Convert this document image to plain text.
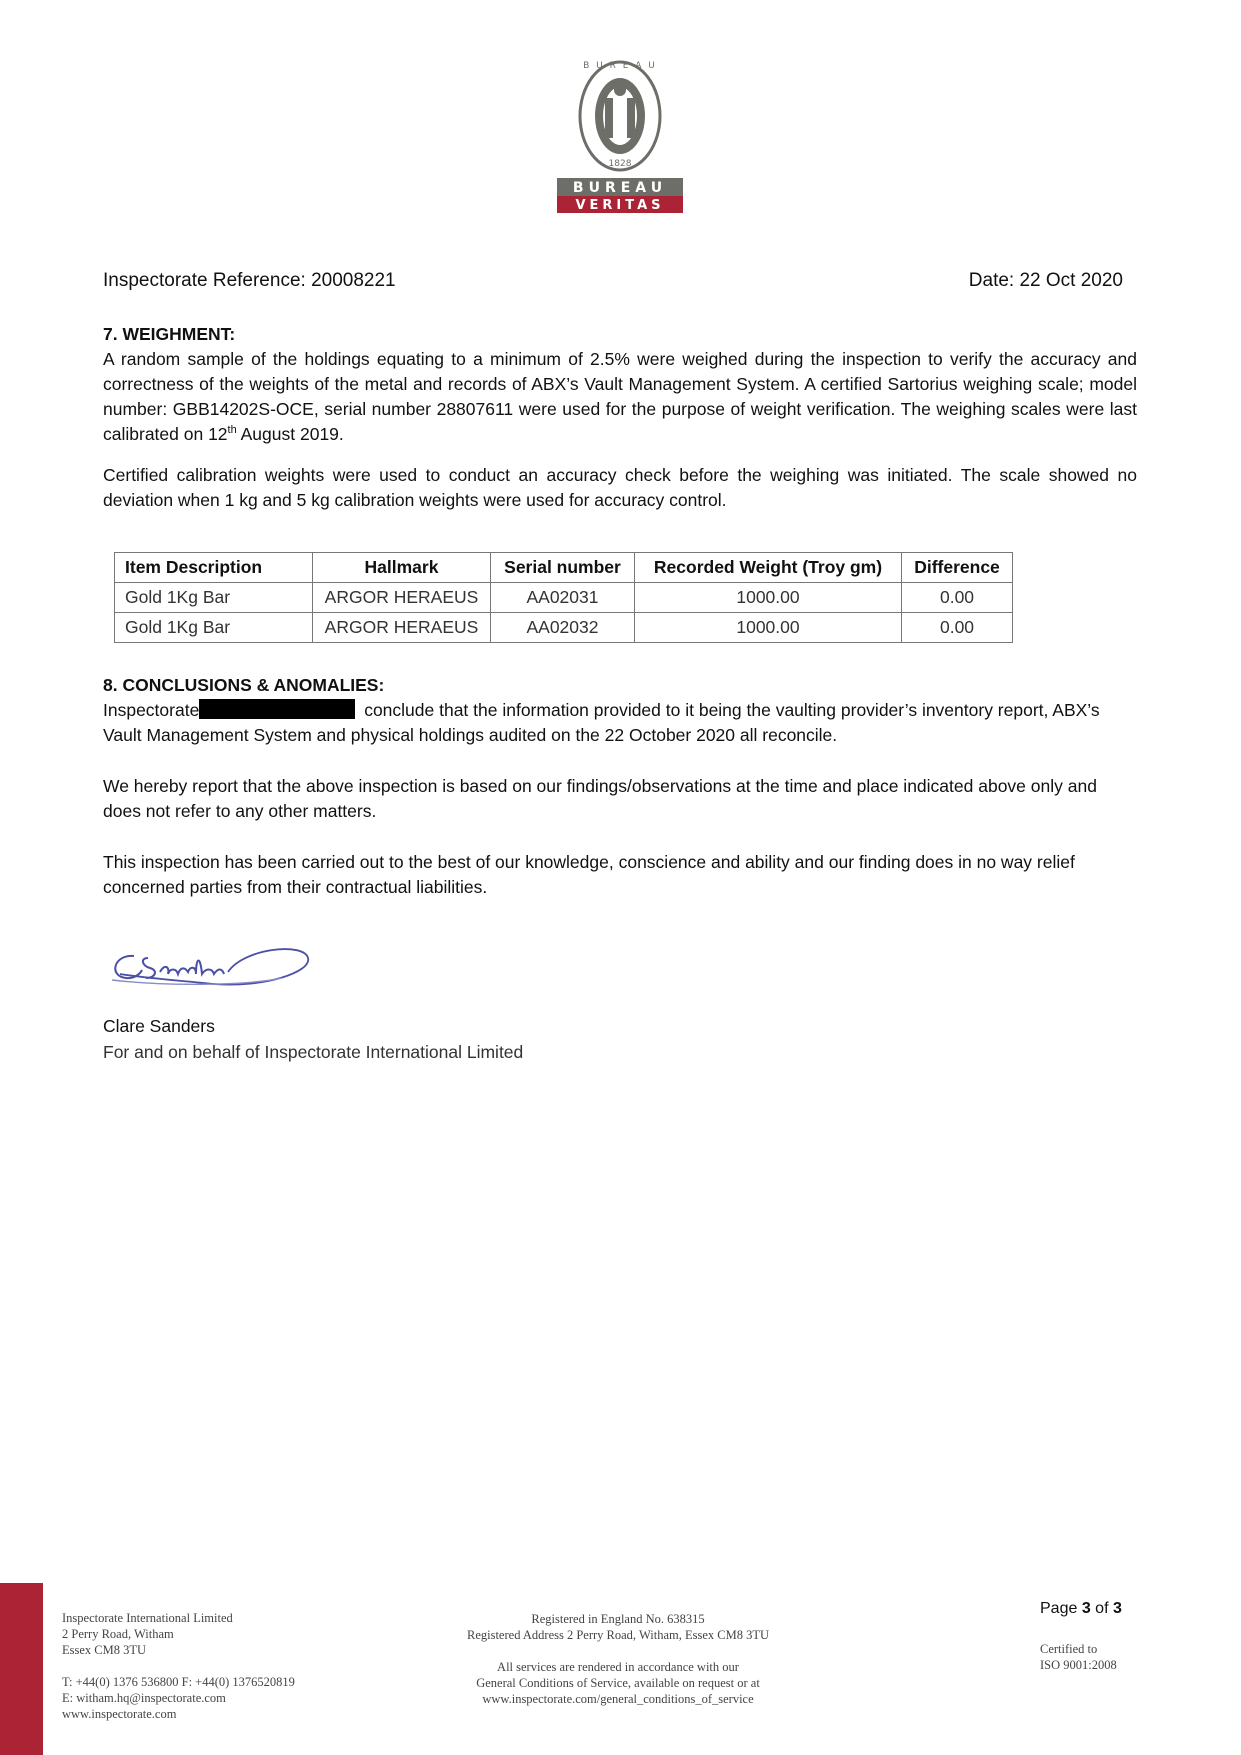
B U R E A U
1828
BUREAU
VERITAS
Inspectorate Reference: 20008221	Date: 22 Oct 2020
7. WEIGHMENT:

A random sample of the holdings equating to a minimum of 2.5% were weighed during the inspection to verify the accuracy and correctness of the weights of the metal and records of ABX’s Vault Management System. A certified Sartorius weighing scale; model number: GBB14202S-OCE, serial number 28807611 were used for the purpose of weight verification. The weighing scales were last calibrated on 12th August 2019.

Certified calibration weights were used to conduct an accuracy check before the weighing was initiated. The scale showed no deviation when 1 kg and 5 kg calibration weights were used for accuracy control.

Item Description	Hallmark	Serial number	Recorded Weight (Troy gm)	Difference
Gold 1Kg Bar	ARGOR HERAEUS	AA02031	1000.00	0.00
Gold 1Kg Bar	ARGOR HERAEUS	AA02032	1000.00	0.00
8. CONCLUSIONS & ANOMALIES:

Inspectorate	conclude that the information provided to it being the vaulting provider’s inventory report, ABX’s Vault Management System and physical holdings audited on the 22 October 2020 all reconcile.

We hereby report that the above inspection is based on our findings/observations at the time and place indicated above only and does not refer to any other matters.

This inspection has been carried out to the best of our knowledge, conscience and ability and our finding does in no way relief concerned parties from their contractual liabilities.

Clare Sanders
For and on behalf of Inspectorate International Limited
Inspectorate International Limited
2 Perry Road, Witham
Essex CM8 3TU
T: +44(0) 1376 536800 F: +44(0) 1376520819
E: witham.hq@inspectorate.com
www.inspectorate.com
Registered in England No. 638315
Registered Address 2 Perry Road, Witham, Essex CM8 3TU
All services are rendered in accordance with our
General Conditions of Service, available on request or at
www.inspectorate.com/general_conditions_of_service
Page 3 of 3
Certified to
ISO 9001:2008
